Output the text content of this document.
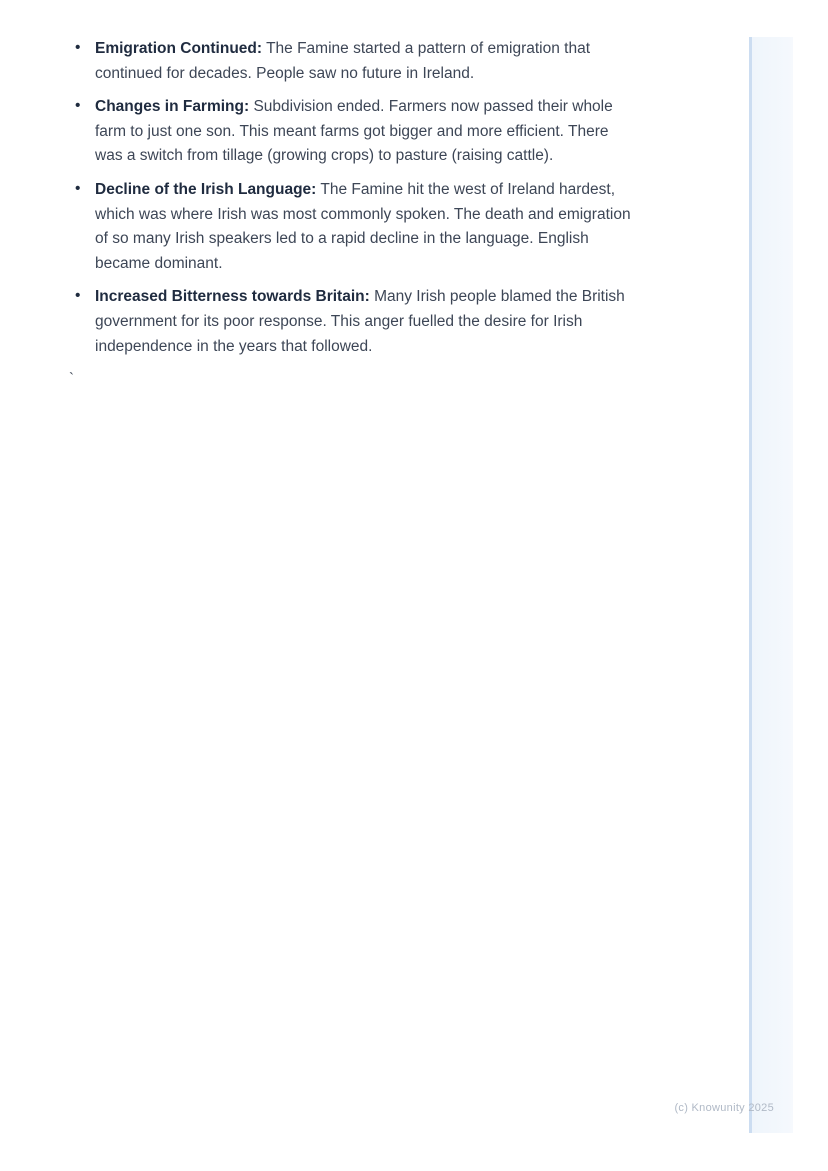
• Emigration Continued: The Famine started a pattern of emigration that continued for decades. People saw no future in Ireland.
• Changes in Farming: Subdivision ended. Farmers now passed their whole farm to just one son. This meant farms got bigger and more efficient. There was a switch from tillage (growing crops) to pasture (raising cattle).
• Decline of the Irish Language: The Famine hit the west of Ireland hardest, which was where Irish was most commonly spoken. The death and emigration of so many Irish speakers led to a rapid decline in the language. English became dominant.
• Increased Bitterness towards Britain: Many Irish people blamed the British government for its poor response. This anger fuelled the desire for Irish independence in the years that followed.

`

(c) Knowunity 2025
